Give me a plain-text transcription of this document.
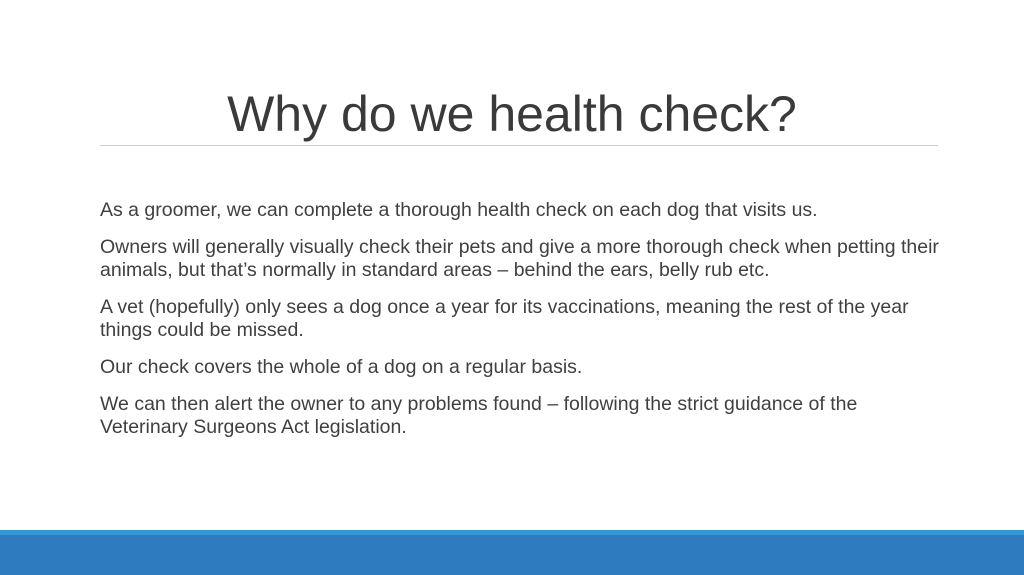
Why do we health check?

As a groomer, we can complete a thorough health check on each dog that visits us.

Owners will generally visually check their pets and give a more thorough check when petting their animals, but that’s normally in standard areas – behind the ears, belly rub etc.

A vet (hopefully) only sees a dog once a year for its vaccinations, meaning the rest of the year things could be missed.

Our check covers the whole of a dog on a regular basis.

We can then alert the owner to any problems found – following the strict guidance of the Veterinary Surgeons Act legislation.
